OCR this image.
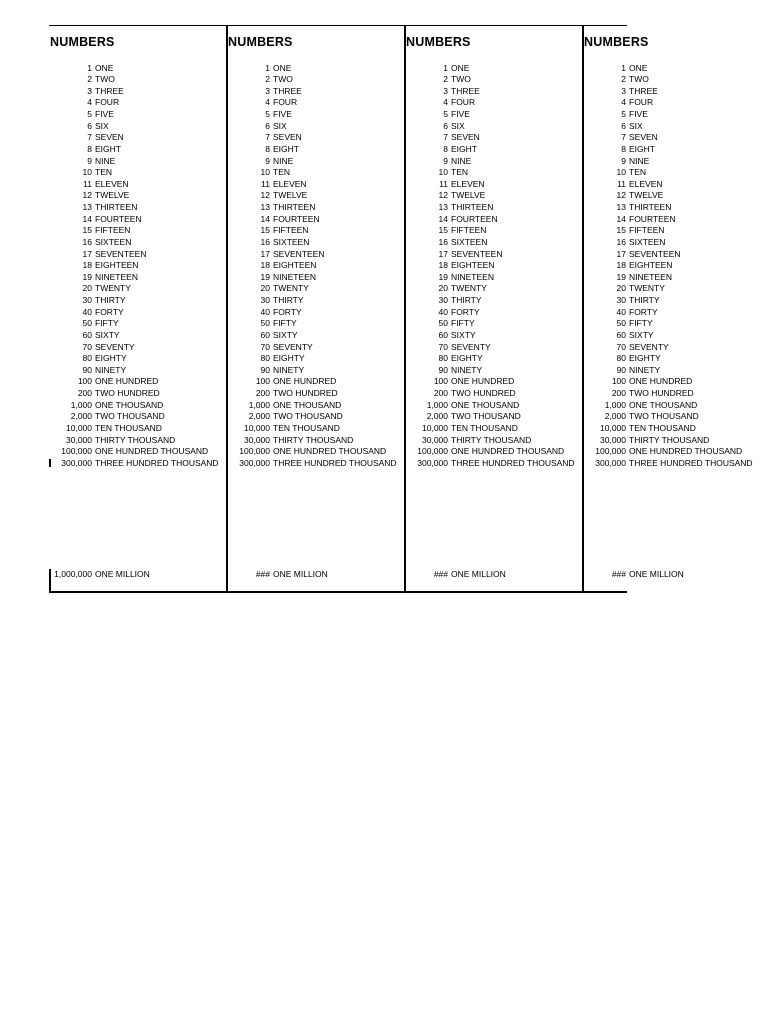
NUMBERS
1 ONE
2 TWO
3 THREE
4 FOUR
5 FIVE
6 SIX
7 SEVEN
8 EIGHT
9 NINE
10 TEN
11 ELEVEN
12 TWELVE
13 THIRTEEN
14 FOURTEEN
15 FIFTEEN
16 SIXTEEN
17 SEVENTEEN
18 EIGHTEEN
19 NINETEEN
20 TWENTY
30 THIRTY
40 FORTY
50 FIFTY
60 SIXTY
70 SEVENTY
80 EIGHTY
90 NINETY
100 ONE HUNDRED
200 TWO HUNDRED
1,000 ONE THOUSAND
2,000 TWO THOUSAND
10,000 TEN THOUSAND
30,000 THIRTY THOUSAND
100,000 ONE HUNDRED THOUSAND
300,000 THREE HUNDRED THOUSAND
1,000,000 ONE MILLION
NUMBERS
1 ONE
2 TWO
3 THREE
4 FOUR
5 FIVE
6 SIX
7 SEVEN
8 EIGHT
9 NINE
10 TEN
11 ELEVEN
12 TWELVE
13 THIRTEEN
14 FOURTEEN
15 FIFTEEN
16 SIXTEEN
17 SEVENTEEN
18 EIGHTEEN
19 NINETEEN
20 TWENTY
30 THIRTY
40 FORTY
50 FIFTY
60 SIXTY
70 SEVENTY
80 EIGHTY
90 NINETY
100 ONE HUNDRED
200 TWO HUNDRED
1,000 ONE THOUSAND
2,000 TWO THOUSAND
10,000 TEN THOUSAND
30,000 THIRTY THOUSAND
100,000 ONE HUNDRED THOUSAND
300,000 THREE HUNDRED THOUSAND
### ONE MILLION
NUMBERS
1 ONE
2 TWO
3 THREE
4 FOUR
5 FIVE
6 SIX
7 SEVEN
8 EIGHT
9 NINE
10 TEN
11 ELEVEN
12 TWELVE
13 THIRTEEN
14 FOURTEEN
15 FIFTEEN
16 SIXTEEN
17 SEVENTEEN
18 EIGHTEEN
19 NINETEEN
20 TWENTY
30 THIRTY
40 FORTY
50 FIFTY
60 SIXTY
70 SEVENTY
80 EIGHTY
90 NINETY
100 ONE HUNDRED
200 TWO HUNDRED
1,000 ONE THOUSAND
2,000 TWO THOUSAND
10,000 TEN THOUSAND
30,000 THIRTY THOUSAND
100,000 ONE HUNDRED THOUSAND
300,000 THREE HUNDRED THOUSAND
### ONE MILLION
NUMBERS
1 ONE
2 TWO
3 THREE
4 FOUR
5 FIVE
6 SIX
7 SEVEN
8 EIGHT
9 NINE
10 TEN
11 ELEVEN
12 TWELVE
13 THIRTEEN
14 FOURTEEN
15 FIFTEEN
16 SIXTEEN
17 SEVENTEEN
18 EIGHTEEN
19 NINETEEN
20 TWENTY
30 THIRTY
40 FORTY
50 FIFTY
60 SIXTY
70 SEVENTY
80 EIGHTY
90 NINETY
100 ONE HUNDRED
200 TWO HUNDRED
1,000 ONE THOUSAND
2,000 TWO THOUSAND
10,000 TEN THOUSAND
30,000 THIRTY THOUSAND
100,000 ONE HUNDRED THOUSAND
300,000 THREE HUNDRED THOUSAND
### ONE MILLION
